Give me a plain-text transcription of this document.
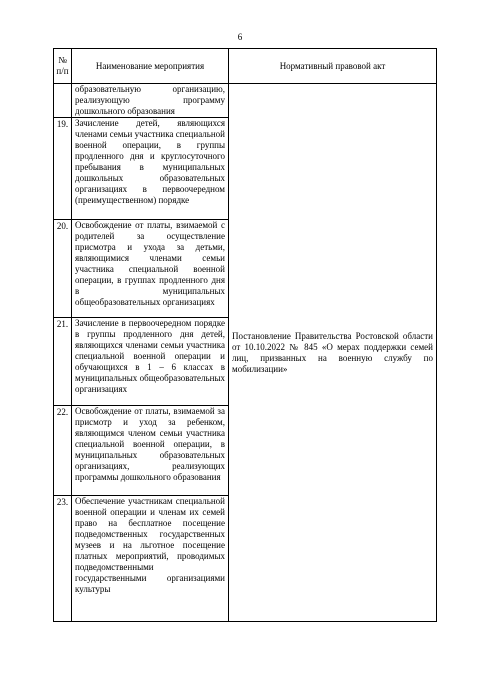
6
№ п/п	Наименование мероприятия	Нормативный правовой акт
	образовательную организацию, реализующую программу дошкольного образования	Постановление Правительства Ростовской области от 10.10.2022 № 845 «О мерах поддержки семей лиц, призванных на военную службу по мобилизации»
19.	Зачисление детей, являющихся членами семьи участника специальной военной операции, в группы продленного дня и круглосуточного пребывания в муниципальных дошкольных образовательных организациях в первоочередном (преимущественном) порядке	
20.	Освобождение от платы, взимаемой с родителей за осуществление присмотра и ухода за детьми, являющимися членами семьи участника специальной военной операции, в группах продленного дня в муниципальных общеобразовательных организациях	
21.	Зачисление в первоочередном порядке в группы продленного дня детей, являющихся членами семьи участника специальной военной операции и обучающихся в 1 – 6 классах в муниципальных общеобразовательных организациях	
22.	Освобождение от платы, взимаемой за присмотр и уход за ребенком, являющимся членом семьи участника специальной военной операции, в муниципальных образовательных организациях, реализующих программы дошкольного образования	
23.	Обеспечение участникам специальной военной операции и членам их семей право на бесплатное посещение подведомственных государственных музеев и на льготное посещение платных мероприятий, проводимых подведомственными государственными организациями культуры	
